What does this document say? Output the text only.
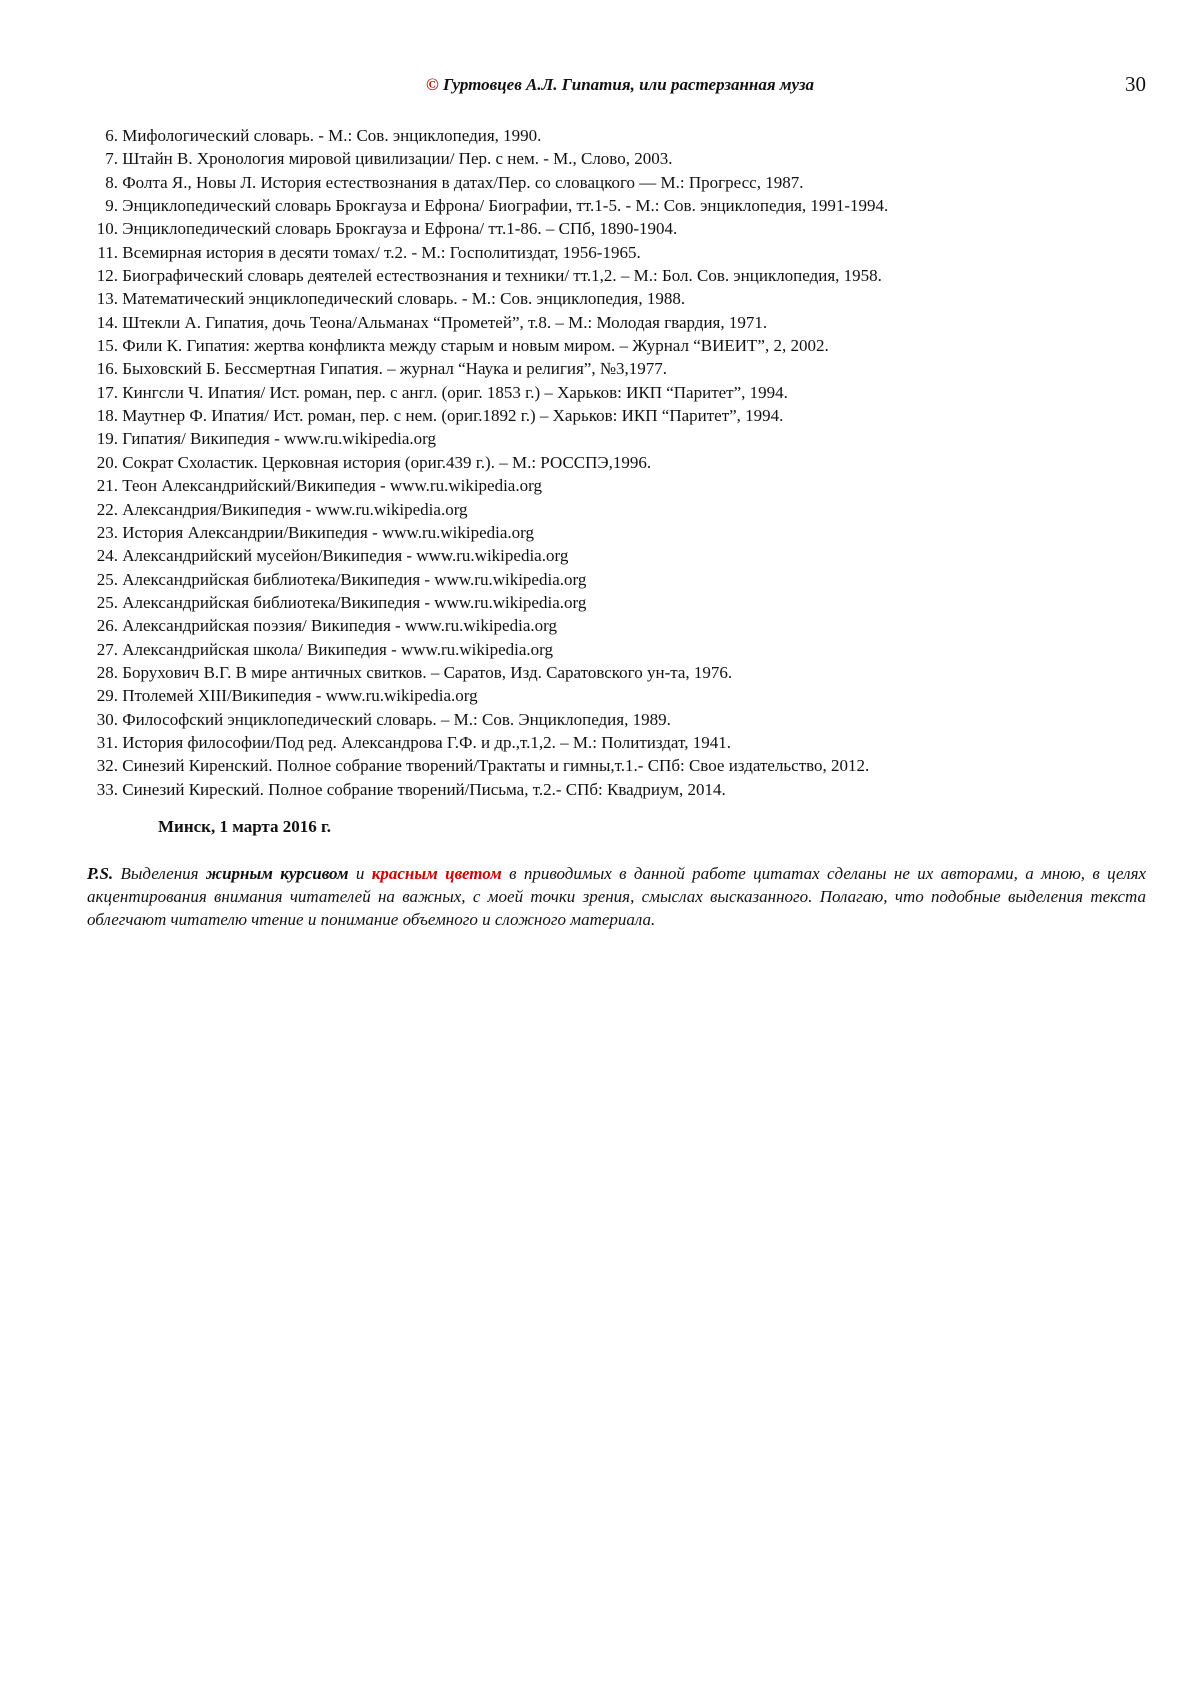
© Гуртовцев А.Л. Гипатия, или растерзанная муза	30
6. Мифологический словарь. - М.: Сов. энциклопедия, 1990.
7. Штайн В. Хронология мировой цивилизации/ Пер. с нем. - М., Слово, 2003.
8. Фолта Я., Новы Л. История естествознания в датах/Пер. со словацкого — М.: Прогресс, 1987.
9. Энциклопедический словарь Брокгауза и Ефрона/ Биографии, тт.1-5. - М.: Сов. энциклопедия, 1991-1994.
10. Энциклопедический словарь Брокгауза и Ефрона/ тт.1-86. – СПб, 1890-1904.
11. Всемирная история в десяти томах/ т.2. - М.: Госполитиздат, 1956-1965.
12. Биографический словарь деятелей естествознания и техники/ тт.1,2. – М.: Бол. Сов. энциклопедия, 1958.
13. Математический энциклопедический словарь. - М.: Сов. энциклопедия, 1988.
14. Штекли А. Гипатия, дочь Теона/Альманах “Прометей”, т.8. – М.: Молодая гвардия, 1971.
15. Фили К. Гипатия: жертва конфликта между старым и новым миром. – Журнал “ВИЕИТ”, 2, 2002.
16. Быховский Б. Бессмертная Гипатия. – журнал “Наука и религия”, №3,1977.
17. Кингсли Ч. Ипатия/ Ист. роман, пер. с англ. (ориг. 1853 г.) – Харьков: ИКП “Паритет”, 1994.
18. Маутнер Ф. Ипатия/ Ист. роман, пер. с нем. (ориг.1892 г.) – Харьков: ИКП “Паритет”, 1994.
19. Гипатия/ Википедия - www.ru.wikipedia.org
20. Сократ Схоластик. Церковная история (ориг.439 г.). – М.: РОССПЭ,1996.
21. Теон Александрийский/Википедия - www.ru.wikipedia.org
22. Александрия/Википедия - www.ru.wikipedia.org
23. История Александрии/Википедия - www.ru.wikipedia.org
24. Александрийский мусейон/Википедия - www.ru.wikipedia.org
25. Александрийская библиотека/Википедия - www.ru.wikipedia.org
25. Александрийская библиотека/Википедия - www.ru.wikipedia.org
26. Александрийская поэзия/ Википедия - www.ru.wikipedia.org
27. Александрийская школа/ Википедия - www.ru.wikipedia.org
28. Борухович В.Г. В мире античных свитков. – Саратов, Изд. Саратовского ун-та, 1976.
29. Птолемей XIII/Википедия - www.ru.wikipedia.org
30. Философский энциклопедический словарь. – М.: Сов. Энциклопедия, 1989.
31. История философии/Под ред. Александрова Г.Ф. и др.,т.1,2. – М.: Политиздат, 1941.
32. Синезий Киренский. Полное собрание творений/Трактаты и гимны,т.1.- СПб: Свое издательство, 2012.
33. Синезий Киреский. Полное собрание творений/Письма, т.2.- СПб: Квадриум, 2014.
Минск, 1 марта 2016 г.

P.S. Выделения жирным курсивом и красным цветом в приводимых в данной работе цитатах сделаны не их авторами, а мною, в целях акцентирования внимания читателей на важных, с моей точки зрения, смыслах высказанного. Полагаю, что подобные выделения текста облегчают читателю чтение и понимание объемного и сложного материала.
